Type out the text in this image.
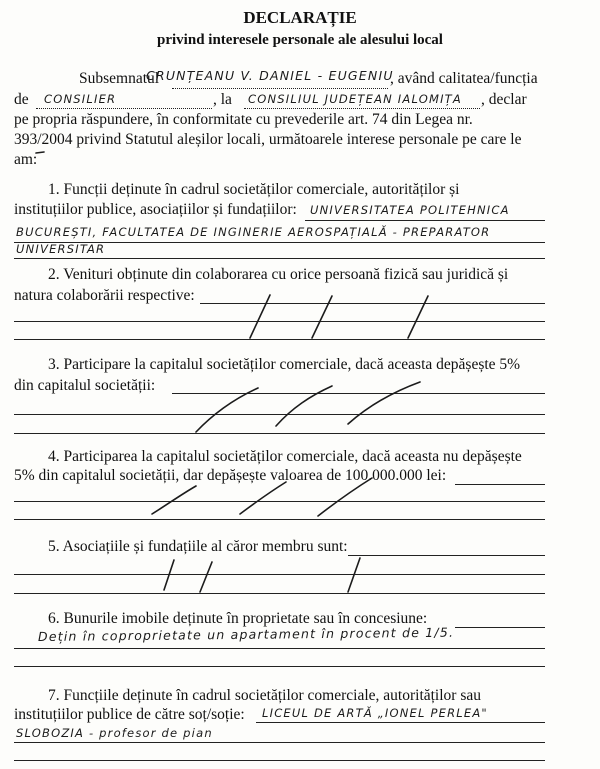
DECLARAȚIE
privind interesele personale ale alesului local
Subsemnatul
CRUNȚEANU V. DANIEL - EUGENIU
, având calitatea/funcția
de CONSILIER	, la CONSILIUL JUDEȚEAN IALOMIȚA , declar
pe propria răspundere, în conformitate cu prevederile art. 74 din Legea nr.
393/2004 privind Statutul aleșilor locali, următoarele interese personale pe care le
am:
1. Funcții deținute în cadrul societăților comerciale, autorităților și
instituțiilor publice, asociațiilor și fundațiilor: UNIVERSITATEA POLITEHNICA
BUCUREȘTI, FACULTATEA DE INGINERIE AEROSPAȚIALĂ - PREPARATOR
UNIVERSITAR
2. Venituri obținute din colaborarea cu orice persoană fizică sau juridică și
natura colaborării respective:
3. Participare la capitalul societăților comerciale, dacă aceasta depășește 5%
din capitalul societății:
4. Participarea la capitalul societăților comerciale, dacă aceasta nu depășește
5% din capitalul societății, dar depășește valoarea de 100.000.000 lei:
5. Asociațiile și fundațiile al căror membru sunt:
6. Bunurile imobile deținute în proprietate sau în concesiune:
Dețin în coproprietate un apartament în procent de 1/5.
7. Funcțiile deținute în cadrul societăților comerciale, autorităților sau
instituțiilor publice de către soț/soție: LICEUL DE ARTĂ „IONEL PERLEA"
SLOBOZIA - profesor de pian
